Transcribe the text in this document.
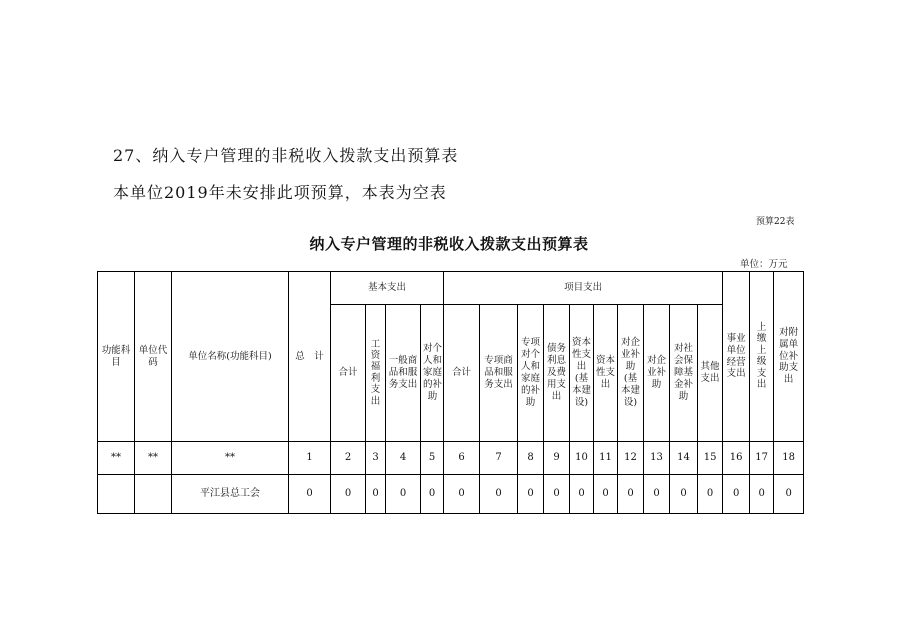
27、纳入专户管理的非税收入拨款支出预算表
本单位2019年未安排此项预算，本表为空表
预算22表
纳入专户管理的非税收入拨款支出预算表
单位：万元
功能科目	单位代码	单位名称(功能科目)	总　计	基本支出				项目支出										事业单位经营支出	上缴上级支出	对附属单位补助支出
				合计	工资福利支出	一般商品和服务支出	对个人和家庭的补助	合计	专项商品和服务支出	专项对个人和家庭的补助	债务利息及费用支出	资本性支出(基本建设)	资本性支出	对企业补助(基本建设)	对企业补助	对社会保障基金补助	其他支出			
**	**	**	1	2	3	4	5	6	7	8	9	10	11	12	13	14	15	16	17	18
		平江县总工会	0	0	0	0	0	0	0	0	0	0	0	0	0	0	0	0	0	0
